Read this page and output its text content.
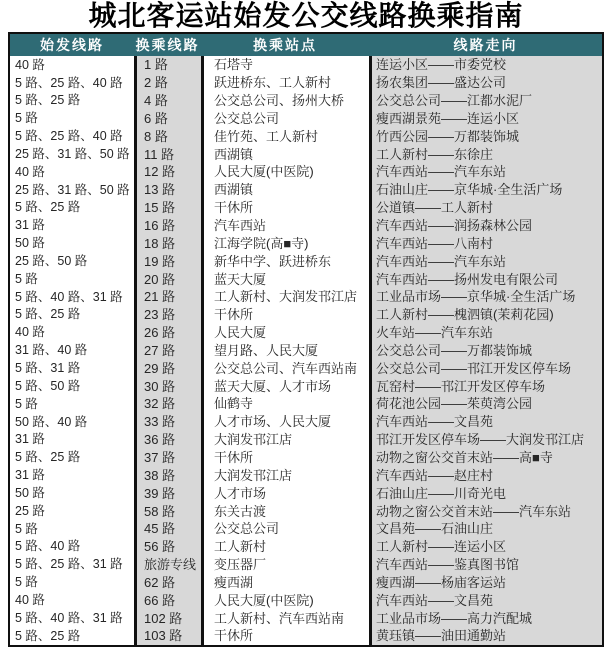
城北客运站始发公交线路换乘指南
始发线路	换乘线路	换乘站点	线路走向
40 路	1 路	石塔寺	连运小区——市委党校
5 路、25 路、40 路	2 路	跃进桥东、工人新村	扬农集团——盛达公司
5 路、25 路	4 路	公交总公司、扬州大桥	公交总公司——江都水泥厂
5 路	6 路	公交总公司	瘦西湖景苑——连运小区
5 路、25 路、40 路	8 路	佳竹苑、工人新村	竹西公园——万都装饰城
25 路、31 路、50 路	11 路	西湖镇	工人新村——东徐庄
40 路	12 路	人民大厦(中医院)	汽车西站——汽车东站
25 路、31 路、50 路	13 路	西湖镇	石油山庄——京华城·全生活广场
5 路、25 路	15 路	干休所	公道镇——工人新村
31 路	16 路	汽车西站	汽车西站——润扬森林公园
50 路	18 路	江海学院(高■寺)	汽车西站——八南村
25 路、50 路	19 路	新华中学、跃进桥东	汽车西站——汽车东站
5 路	20 路	蓝天大厦	汽车西站——扬州发电有限公司
5 路、40 路、31 路	21 路	工人新村、大润发邗江店	工业品市场——京华城·全生活广场
5 路、25 路	23 路	干休所	工人新村——槐泗镇(茉莉花园)
40 路	26 路	人民大厦	火车站——汽车东站
31 路、40 路	27 路	望月路、人民大厦	公交总公司——万都装饰城
5 路、31 路	29 路	公交总公司、汽车西站南	公交总公司——邗江开发区停车场
5 路、50 路	30 路	蓝天大厦、人才市场	瓦窑村——邗江开发区停车场
5 路	32 路	仙鹤寺	荷花池公园——茱萸湾公园
50 路、40 路	33 路	人才市场、人民大厦	汽车西站——文昌苑
31 路	36 路	大润发邗江店	邗江开发区停车场——大润发邗江店
5 路、25 路	37 路	干休所	动物之窗公交首末站——高■寺
31 路	38 路	大润发邗江店	汽车西站——赵庄村
50 路	39 路	人才市场	石油山庄——川奇光电
25 路	58 路	东关古渡	动物之窗公交首末站——汽车东站
5 路	45 路	公交总公司	文昌苑——石油山庄
5 路、40 路	56 路	工人新村	工人新村——连运小区
5 路、25 路、31 路	旅游专线	变压器厂	汽车西站——鉴真图书馆
5 路	62 路	瘦西湖	瘦西湖——杨庙客运站
40 路	66 路	人民大厦(中医院)	汽车西站——文昌苑
5 路、40 路、31 路	102 路	工人新村、汽车西站南	工业品市场——高力汽配城
5 路、25 路	103 路	干休所	黄珏镇——油田通勤站
